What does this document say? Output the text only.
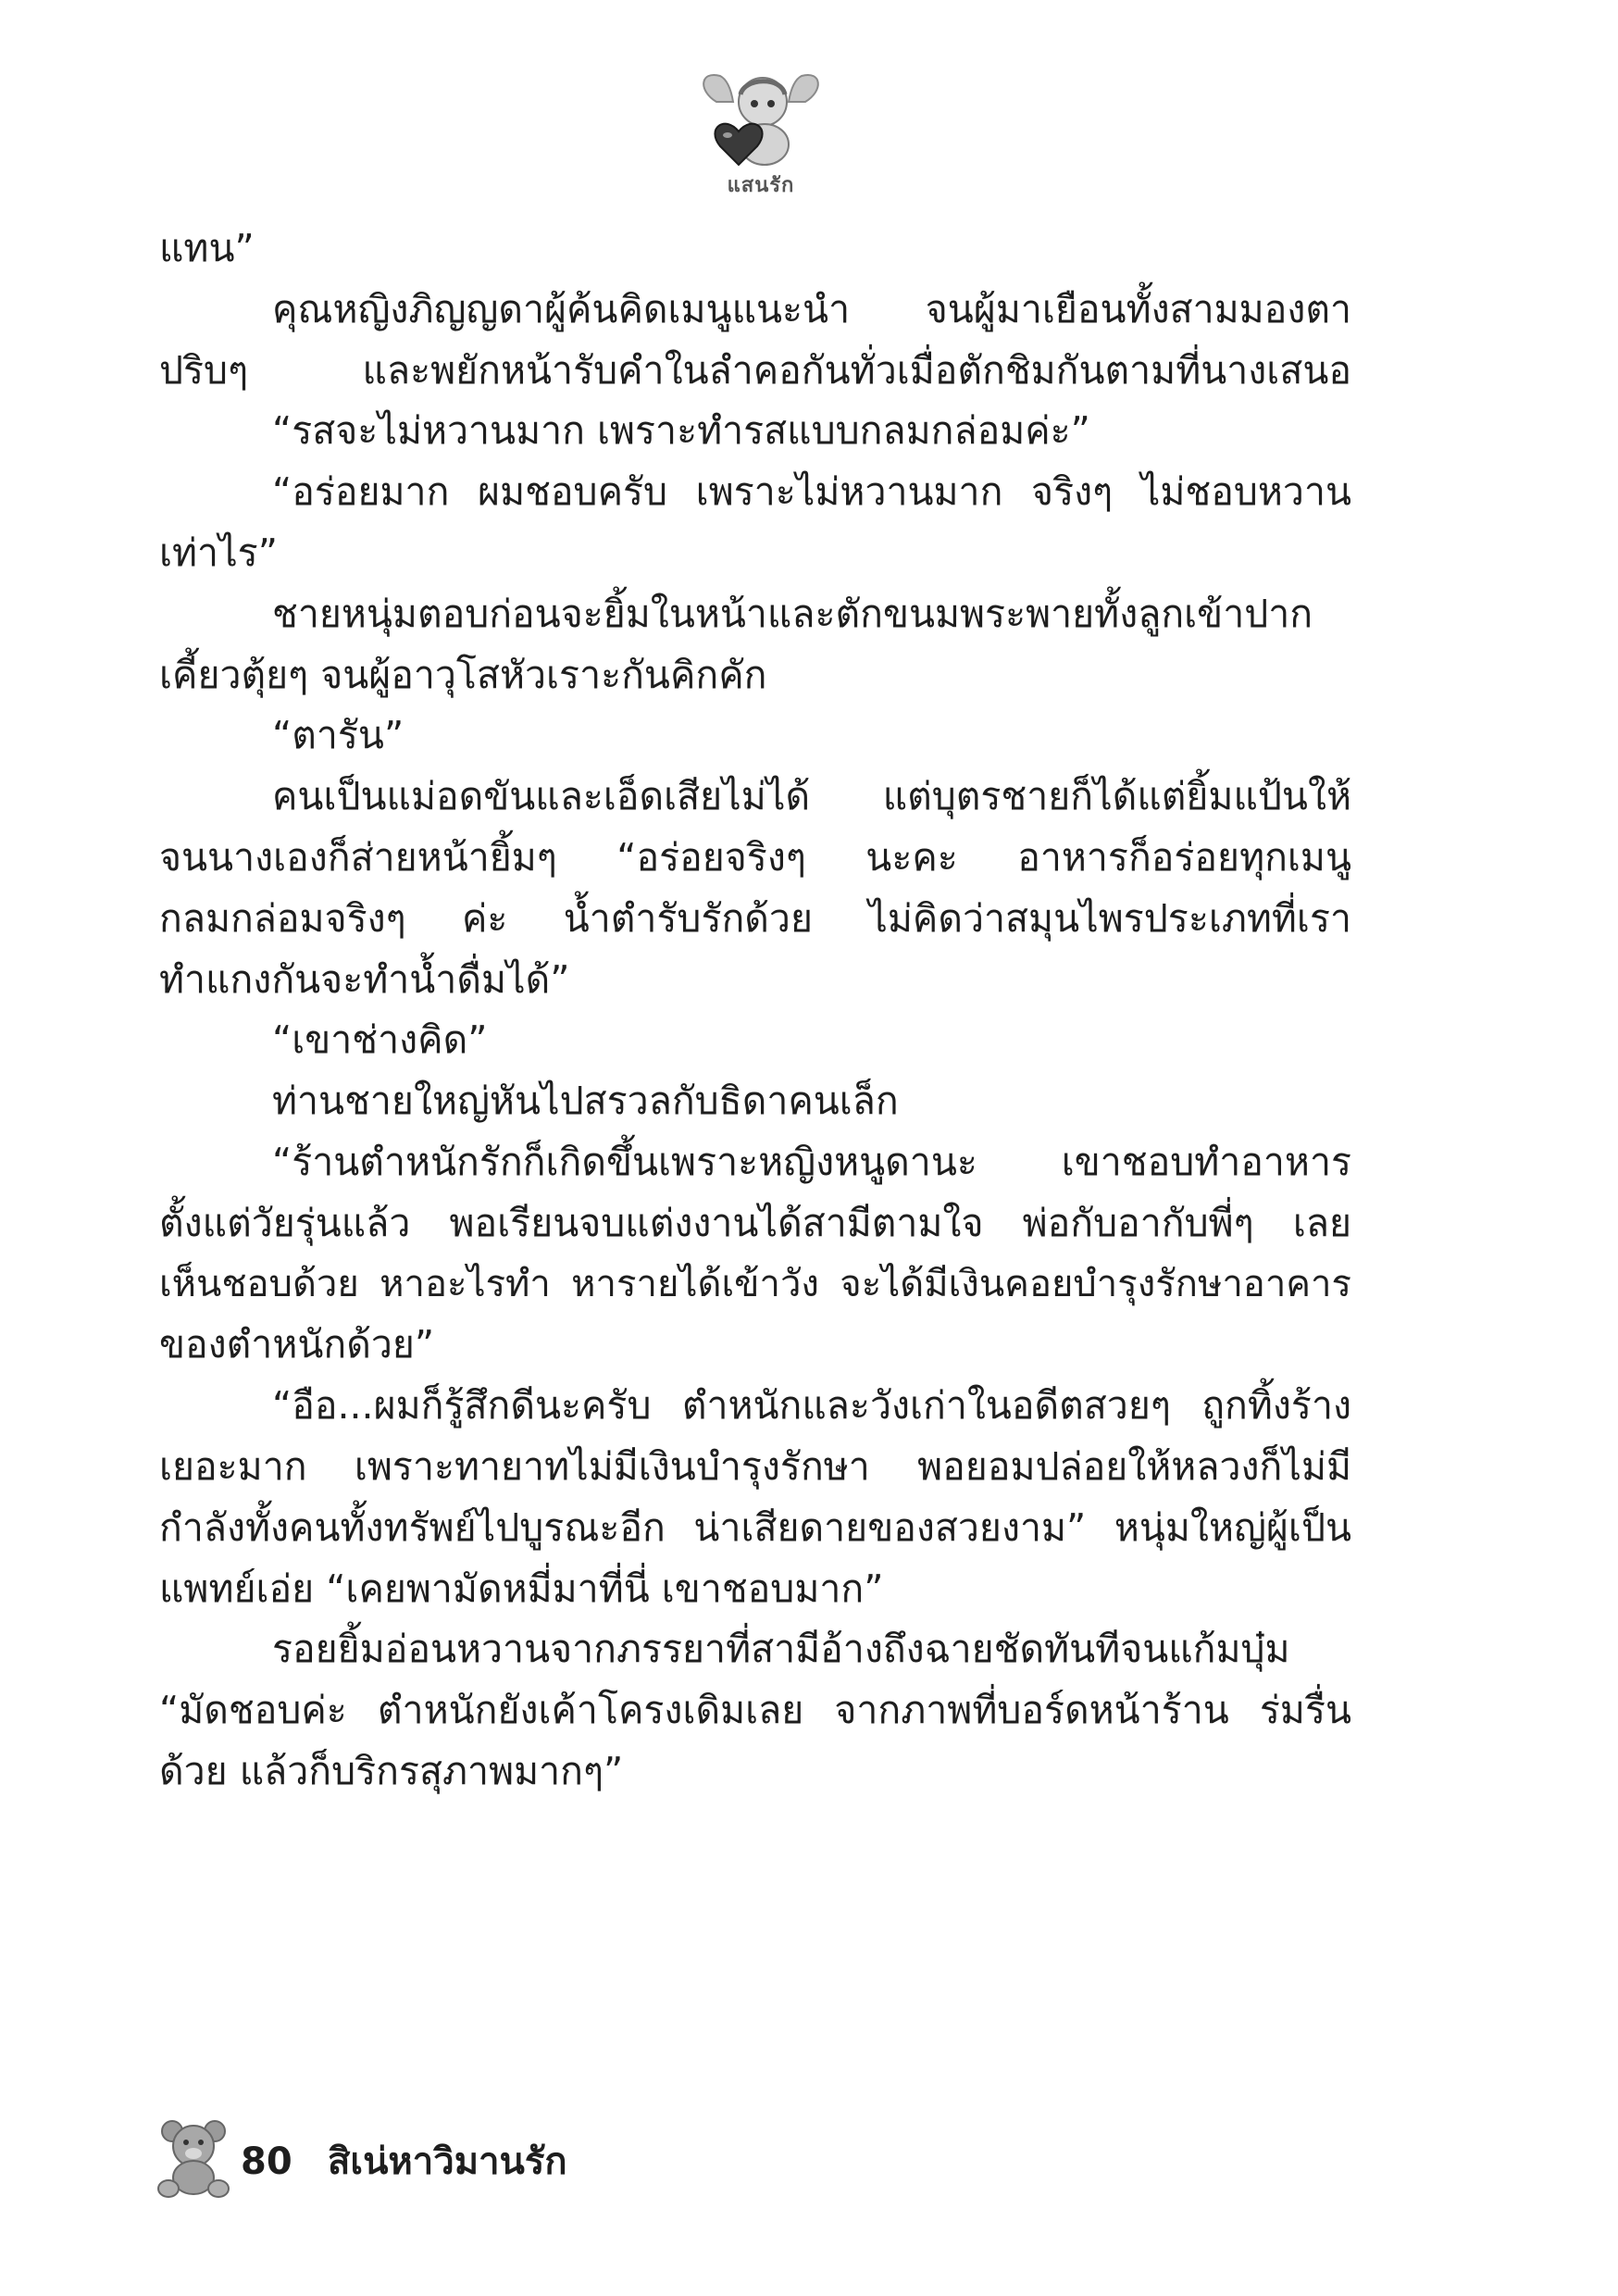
แสนรัก
แทน”
คุณหญิงภิญญดาผู้ค้นคิดเมนูแนะนำ จนผู้มาเยือนทั้งสามมองตา
ปริบๆ และพยักหน้ารับคำในลำคอกันทั่วเมื่อตักชิมกันตามที่นางเสนอ
“รสจะไม่หวานมาก เพราะทำรสแบบกลมกล่อมค่ะ”
“อร่อยมาก ผมชอบครับ เพราะไม่หวานมาก จริงๆ ไม่ชอบหวาน
เท่าไร”
ชายหนุ่มตอบก่อนจะยิ้มในหน้าและตักขนมพระพายทั้งลูกเข้าปาก
เคี้ยวตุ้ยๆ จนผู้อาวุโสหัวเราะกันคิกคัก
“ตารัน”
คนเป็นแม่อดขันและเอ็ดเสียไม่ได้ แต่บุตรชายก็ได้แต่ยิ้มแป้นให้
จนนางเองก็ส่ายหน้ายิ้มๆ “อร่อยจริงๆ นะคะ อาหารก็อร่อยทุกเมนู
กลมกล่อมจริงๆ ค่ะ น้ำตำรับรักด้วย ไม่คิดว่าสมุนไพรประเภทที่เรา
ทำแกงกันจะทำน้ำดื่มได้”
“เขาช่างคิด”
ท่านชายใหญ่หันไปสรวลกับธิดาคนเล็ก
“ร้านตำหนักรักก็เกิดขึ้นเพราะหญิงหนูดานะ เขาชอบทำอาหาร
ตั้งแต่วัยรุ่นแล้ว พอเรียนจบแต่งงานได้สามีตามใจ พ่อกับอากับพี่ๆ เลย
เห็นชอบด้วย หาอะไรทำ หารายได้เข้าวัง จะได้มีเงินคอยบำรุงรักษาอาคาร
ของตำหนักด้วย”
“อือ...ผมก็รู้สึกดีนะครับ ตำหนักและวังเก่าในอดีตสวยๆ ถูกทิ้งร้าง
เยอะมาก เพราะทายาทไม่มีเงินบำรุงรักษา พอยอมปล่อยให้หลวงก็ไม่มี
กำลังทั้งคนทั้งทรัพย์ไปบูรณะอีก น่าเสียดายของสวยงาม” หนุ่มใหญ่ผู้เป็น
แพทย์เอ่ย “เคยพามัดหมี่มาที่นี่ เขาชอบมาก”
รอยยิ้มอ่อนหวานจากภรรยาที่สามีอ้างถึงฉายชัดทันทีจนแก้มบุ๋ม
“มัดชอบค่ะ ตำหนักยังเค้าโครงเดิมเลย จากภาพที่บอร์ดหน้าร้าน ร่มรื่น
ด้วย แล้วก็บริกรสุภาพมากๆ”
80 สิเน่หาวิมานรัก
